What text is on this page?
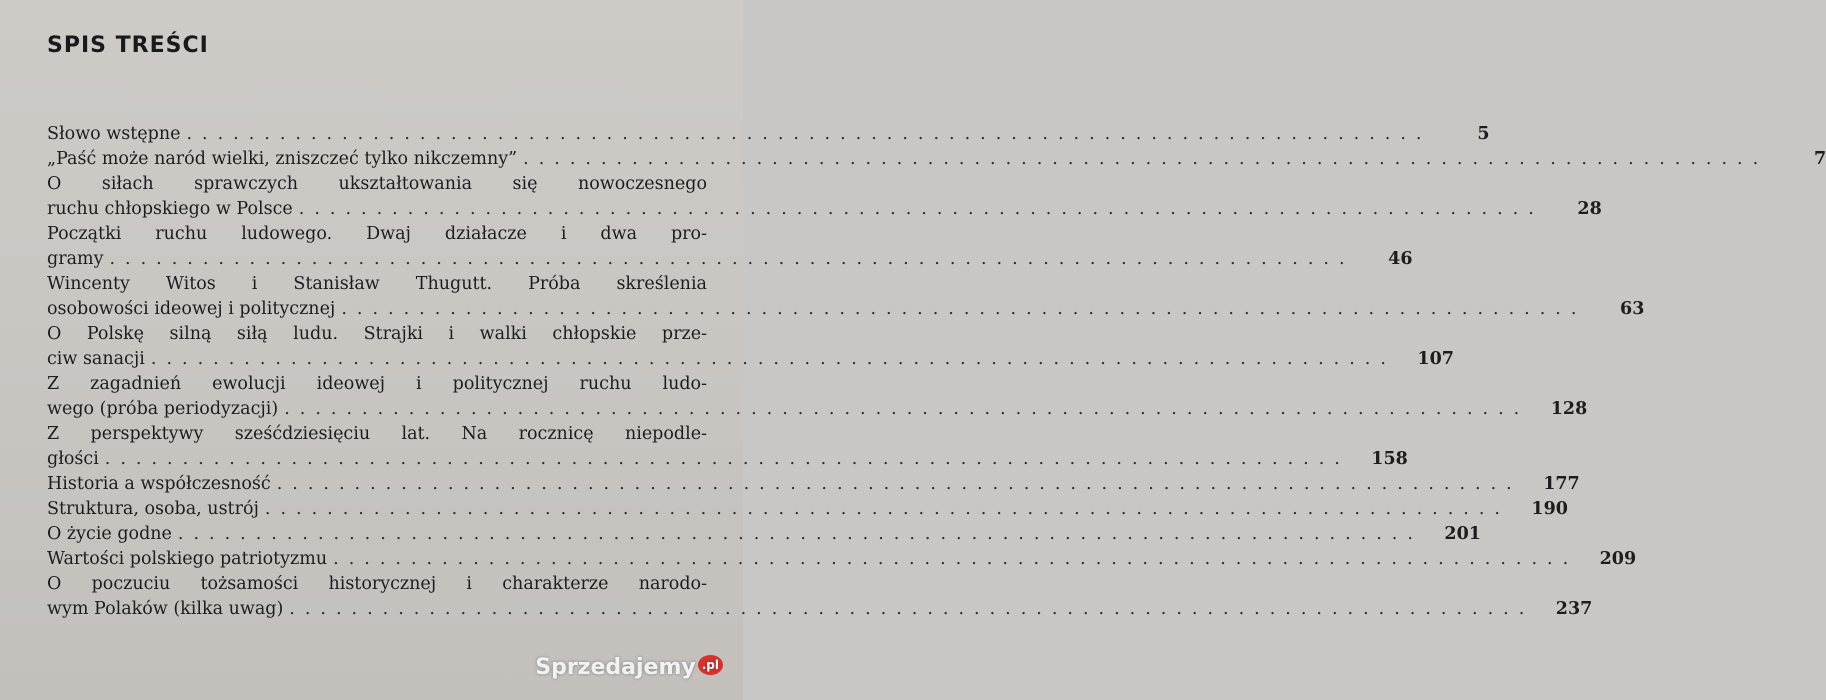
SPIS TREŚCI
Słowo wstępne ................................................................................	5
„Paść może naród wielki, zniszczeć tylko nikczemny” ................................................................................	7
O siłach sprawczych ukształtowania się nowoczesnego
ruchu chłopskiego w Polsce ................................................................................	28
Początki ruchu ludowego. Dwaj działacze i dwa pro-
gramy ................................................................................	46
Wincenty Witos i Stanisław Thugutt. Próba skreślenia
osobowości ideowej i politycznej ................................................................................	63
O Polskę silną siłą ludu. Strajki i walki chłopskie prze-
ciw sanacji ................................................................................	107
Z zagadnień ewolucji ideowej i politycznej ruchu ludo-
wego (próba periodyzacji) ................................................................................	128
Z perspektywy sześćdziesięciu lat. Na rocznicę niepodle-
głości ................................................................................	158
Historia a współczesność ................................................................................	177
Struktura, osoba, ustrój ................................................................................	190
O życie godne ................................................................................	201
Wartości polskiego patriotyzmu ................................................................................	209
O poczuciu tożsamości historycznej i charakterze narodo-
wym Polaków (kilka uwag) ................................................................................	237
Sprzedajemy .pl
